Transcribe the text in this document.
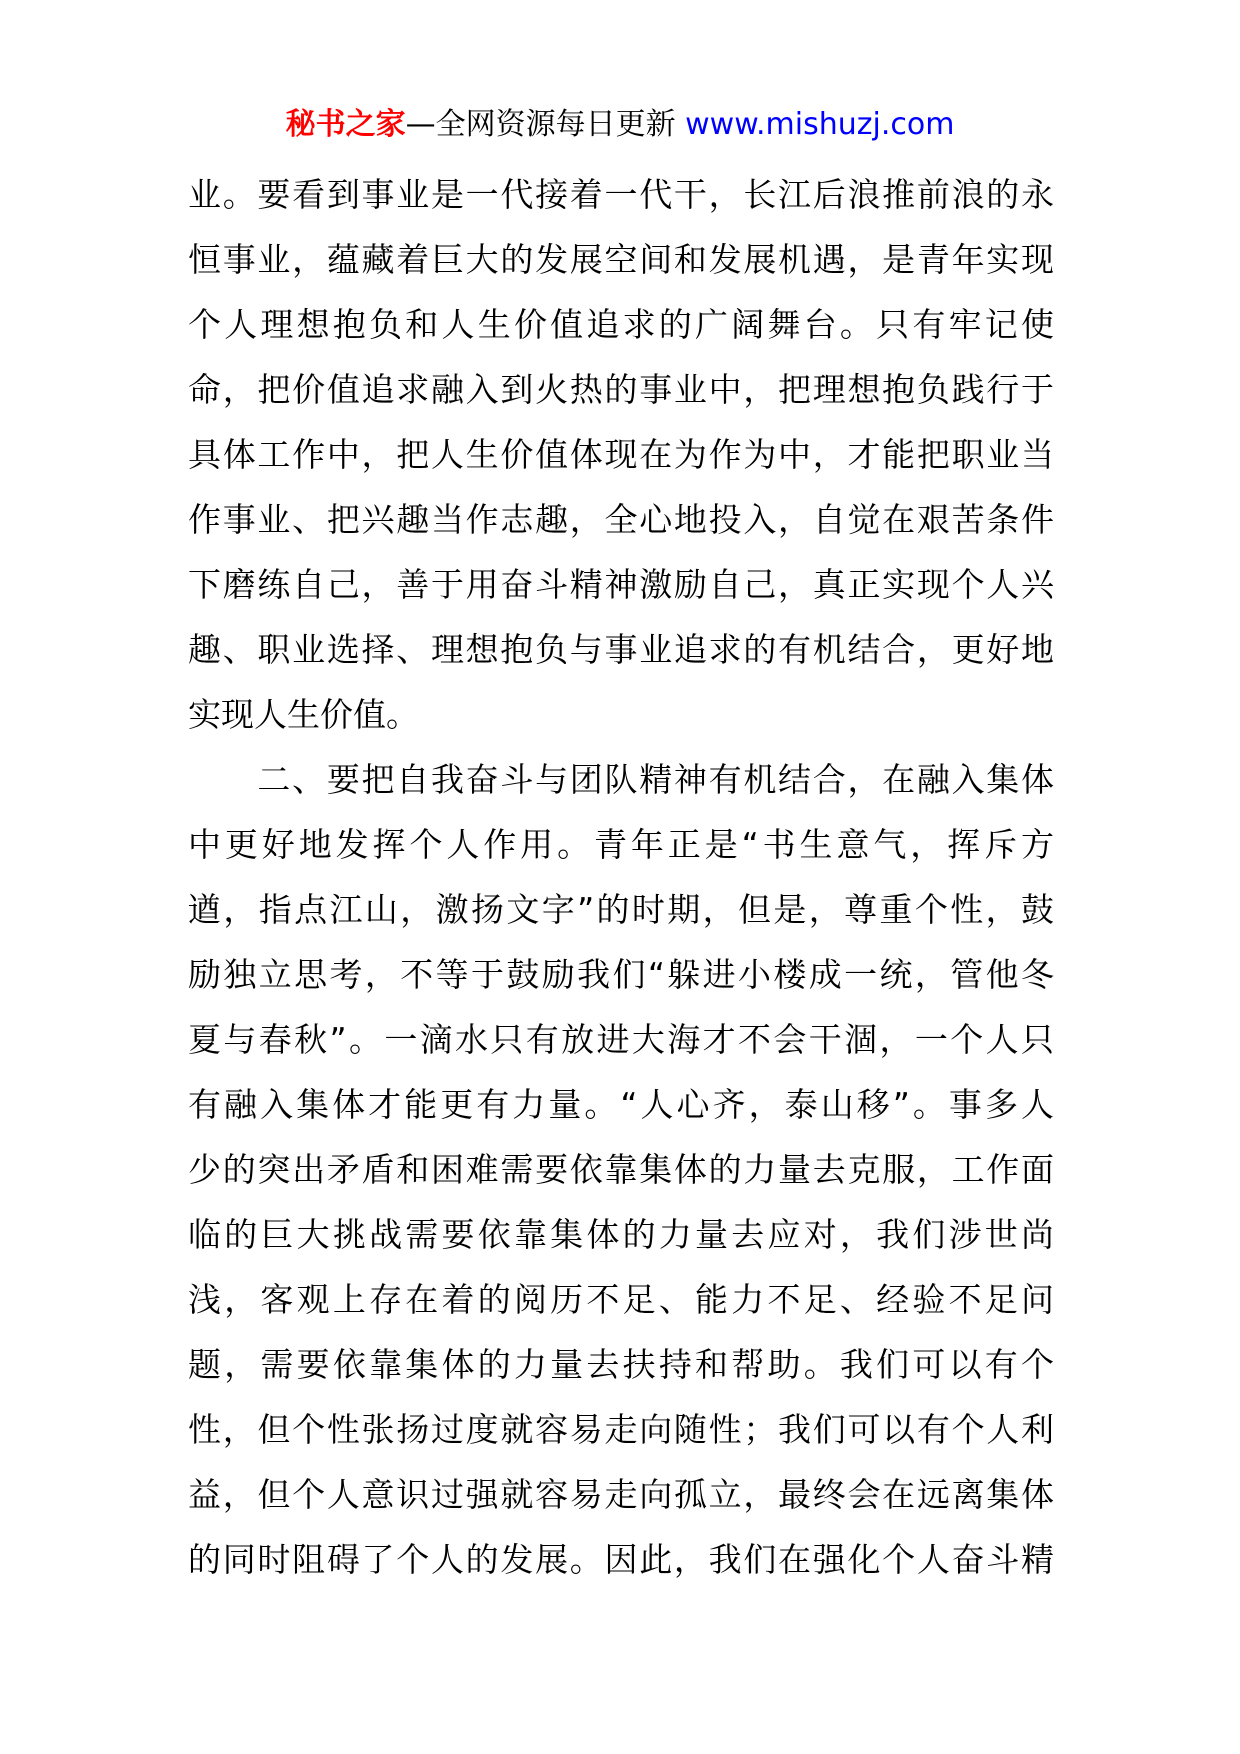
秘书之家—全网资源每日更新 www.mishuzj.com
业。要看到事业是一代接着一代干，长江后浪推前浪的永
恒事业，蕴藏着巨大的发展空间和发展机遇，是青年实现
个人理想抱负和人生价值追求的广阔舞台。只有牢记使
命，把价值追求融入到火热的事业中，把理想抱负践行于
具体工作中，把人生价值体现在为作为中，才能把职业当
作事业、把兴趣当作志趣，全心地投入，自觉在艰苦条件
下磨练自己，善于用奋斗精神激励自己，真正实现个人兴
趣、职业选择、理想抱负与事业追求的有机结合，更好地
实现人生价值。
　　二、要把自我奋斗与团队精神有机结合，在融入集体
中更好地发挥个人作用。青年正是“书生意气，挥斥方
遒，指点江山，激扬文字”的时期，但是，尊重个性，鼓
励独立思考，不等于鼓励我们“躲进小楼成一统，管他冬
夏与春秋”。一滴水只有放进大海才不会干涸，一个人只
有融入集体才能更有力量。“人心齐，泰山移”。事多人
少的突出矛盾和困难需要依靠集体的力量去克服，工作面
临的巨大挑战需要依靠集体的力量去应对，我们涉世尚
浅，客观上存在着的阅历不足、能力不足、经验不足问
题，需要依靠集体的力量去扶持和帮助。我们可以有个
性，但个性张扬过度就容易走向随性；我们可以有个人利
益，但个人意识过强就容易走向孤立，最终会在远离集体
的同时阻碍了个人的发展。因此，我们在强化个人奋斗精
